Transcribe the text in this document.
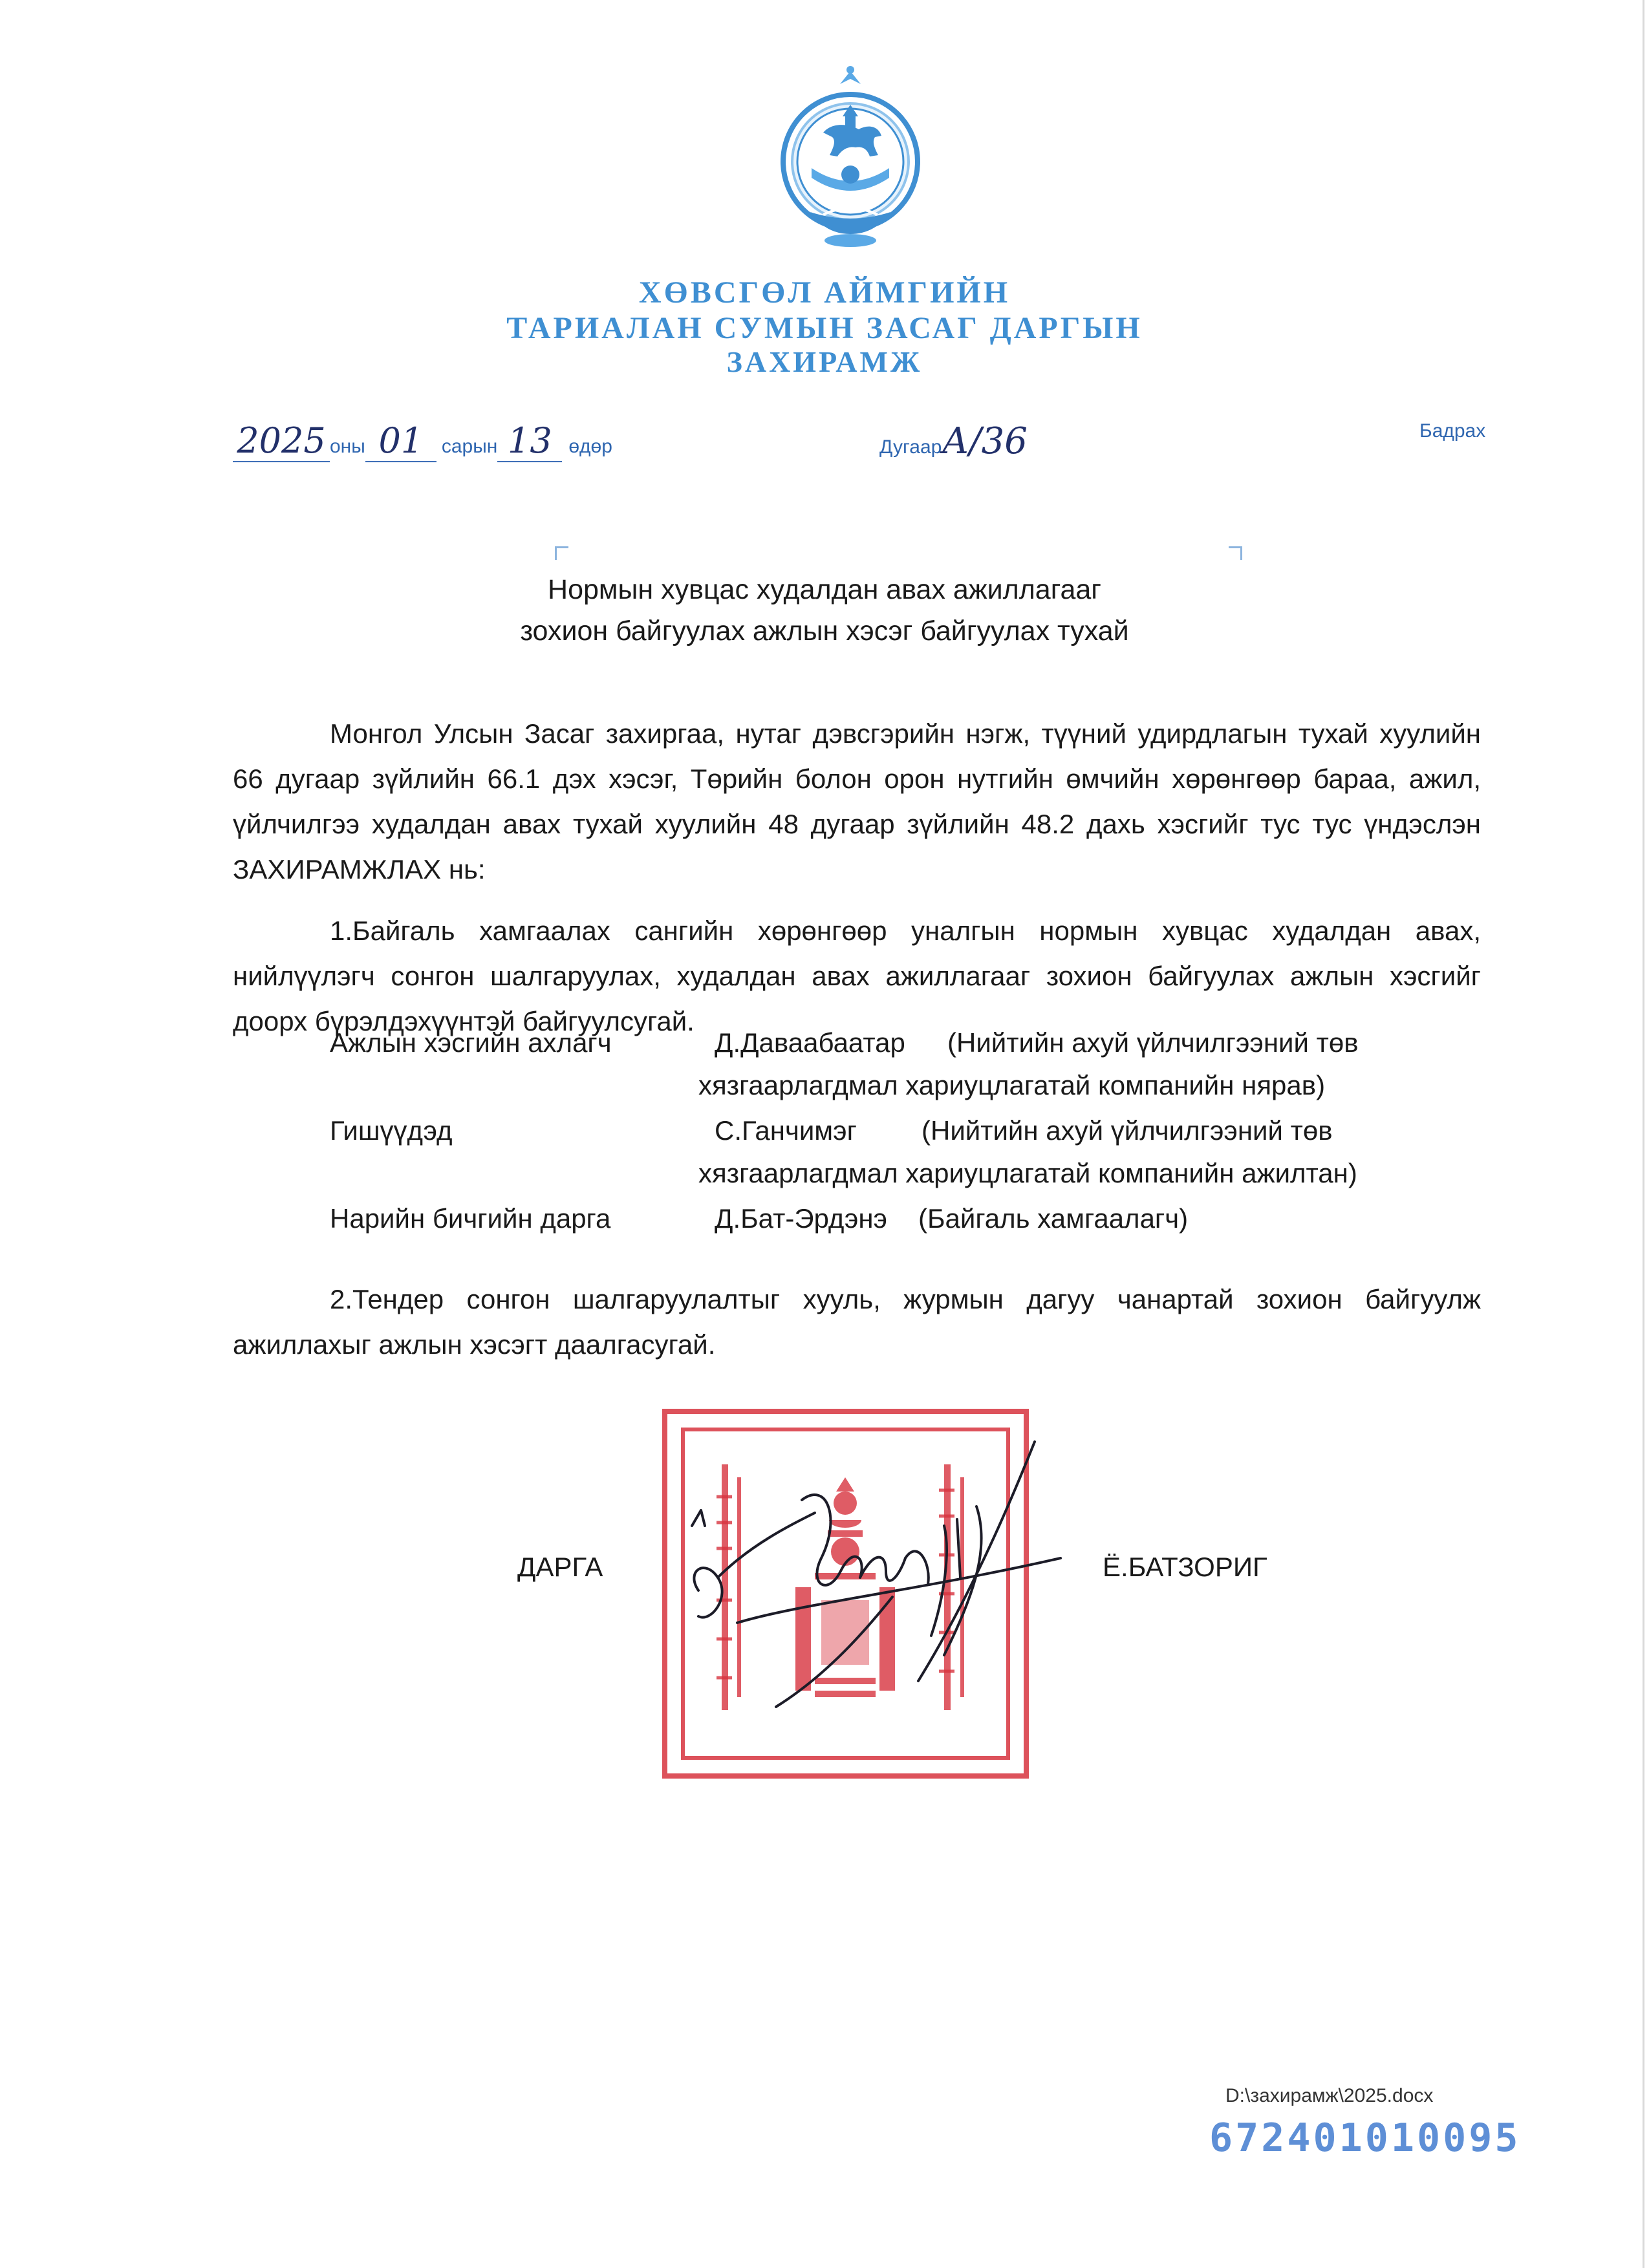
ХӨВСГӨЛ АЙМГИЙН
ТАРИАЛАН СУМЫН ЗАСАГ ДАРГЫН
ЗАХИРАМЖ
2025 оны 01 сарын 13 өдөр	ДугаарА/36	Бадрах
Нормын хувцас худалдан авах ажиллагааг
зохион байгуулах ажлын хэсэг байгуулах тухай

Монгол Улсын Засаг захиргаа, нутаг дэвсгэрийн нэгж, түүний удирдлагын тухай хуулийн 66 дугаар зүйлийн 66.1 дэх хэсэг, Төрийн болон орон нутгийн өмчийн хөрөнгөөр бараа, ажил, үйлчилгээ худалдан авах тухай хуулийн 48 дугаар зүйлийн 48.2 дахь хэсгийг тус тус үндэслэн ЗАХИРАМЖЛАХ нь:

1.Байгаль хамгаалах сангийн хөрөнгөөр уналгын нормын хувцас худалдан авах, нийлүүлэгч сонгон шалгаруулах, худалдан авах ажиллагааг зохион байгуулах ажлын хэсгийг доорх бүрэлдэхүүнтэй байгуулсугай.

Ажлын хэсгийн ахлагч	Д.Даваабаатар (Нийтийн ахуй үйлчилгээний төв
хязгаарлагдмал хариуцлагатай компанийн нярав)
Гишүүдэд	С.Ганчимэг (Нийтийн ахуй үйлчилгээний төв
хязгаарлагдмал хариуцлагатай компанийн ажилтан)
Нарийн бичгийн дарга	Д.Бат-Эрдэнэ (Байгаль хамгаалагч)

2.Тендер сонгон шалгаруулалтыг хууль, журмын дагуу чанартай зохион байгуулж ажиллахыг ажлын хэсэгт даалгасугай.

ДАРГА	Ё.БАТЗОРИГ
D:\захирамж\2025.docx
672401010095
